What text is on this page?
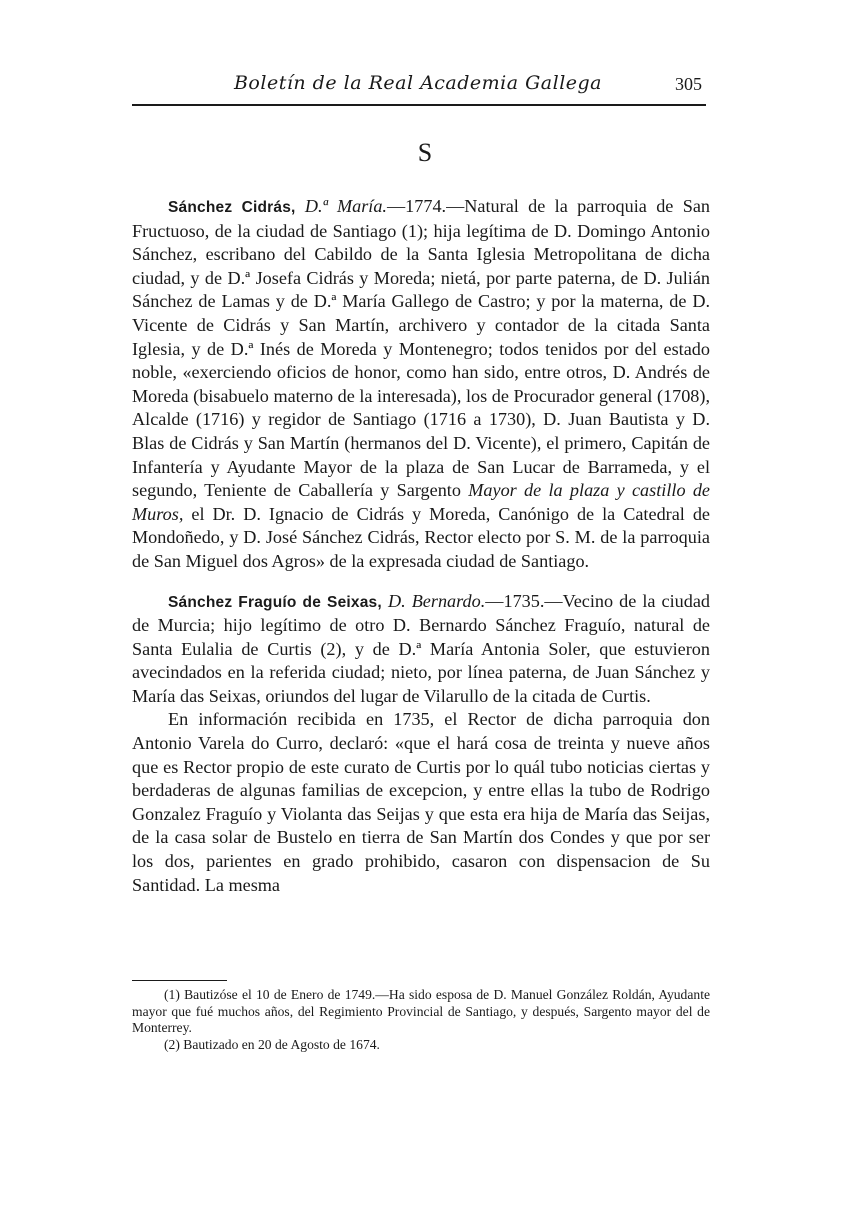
Boletín de la Real Academia Gallega	305
S

Sánchez Cidrás, D.ª María.—1774.—Natural de la parroquia de San Fructuoso, de la ciudad de Santiago (1); hija legítima de D. Domingo Antonio Sánchez, escribano del Cabildo de la Santa Iglesia Metropolitana de dicha ciudad, y de D.ª Josefa Cidrás y Moreda; nietá, por parte paterna, de D. Julián Sánchez de Lamas y de D.ª María Gallego de Castro; y por la materna, de D. Vicente de Cidrás y San Martín, archivero y contador de la citada Santa Iglesia, y de D.ª Inés de Moreda y Montenegro; todos tenidos por del estado noble, «exerciendo oficios de honor, como han sido, entre otros, D. Andrés de Moreda (bisabuelo materno de la interesada), los de Procurador general (1708), Alcalde (1716) y regidor de Santiago (1716 a 1730), D. Juan Bautista y D. Blas de Cidrás y San Martín (hermanos del D. Vicente), el primero, Capitán de Infantería y Ayudante Mayor de la plaza de San Lucar de Barrameda, y el segundo, Teniente de Caballería y Sargento Mayor de la plaza y castillo de Muros, el Dr. D. Ignacio de Cidrás y Moreda, Canónigo de la Catedral de Mondoñedo, y D. José Sánchez Cidrás, Rector electo por S. M. de la parroquia de San Miguel dos Agros» de la expresada ciudad de Santiago.

Sánchez Fraguío de Seixas, D. Bernardo.—1735.—Vecino de la ciudad de Murcia; hijo legítimo de otro D. Bernardo Sánchez Fraguío, natural de Santa Eulalia de Curtis (2), y de D.ª María Antonia Soler, que estuvieron avecindados en la referida ciudad; nieto, por línea paterna, de Juan Sánchez y María das Seixas, oriundos del lugar de Vilarullo de la citada de Curtis.

En información recibida en 1735, el Rector de dicha parroquia don Antonio Varela do Curro, declaró: «que el hará cosa de treinta y nueve años que es Rector propio de este curato de Curtis por lo quál tubo noticias ciertas y berdaderas de algunas familias de excepcion, y entre ellas la tubo de Rodrigo Gonzalez Fraguío y Violanta das Seijas y que esta era hija de María das Seijas, de la casa solar de Bustelo en tierra de San Martín dos Condes y que por ser los dos, parientes en grado prohibido, casaron con dispensacion de Su Santidad. La mesma

(1) Bautizóse el 10 de Enero de 1749.—Ha sido esposa de D. Manuel González Roldán, Ayudante mayor que fué muchos años, del Regimiento Provincial de Santiago, y después, Sargento mayor del de Monterrey.

(2) Bautizado en 20 de Agosto de 1674.
